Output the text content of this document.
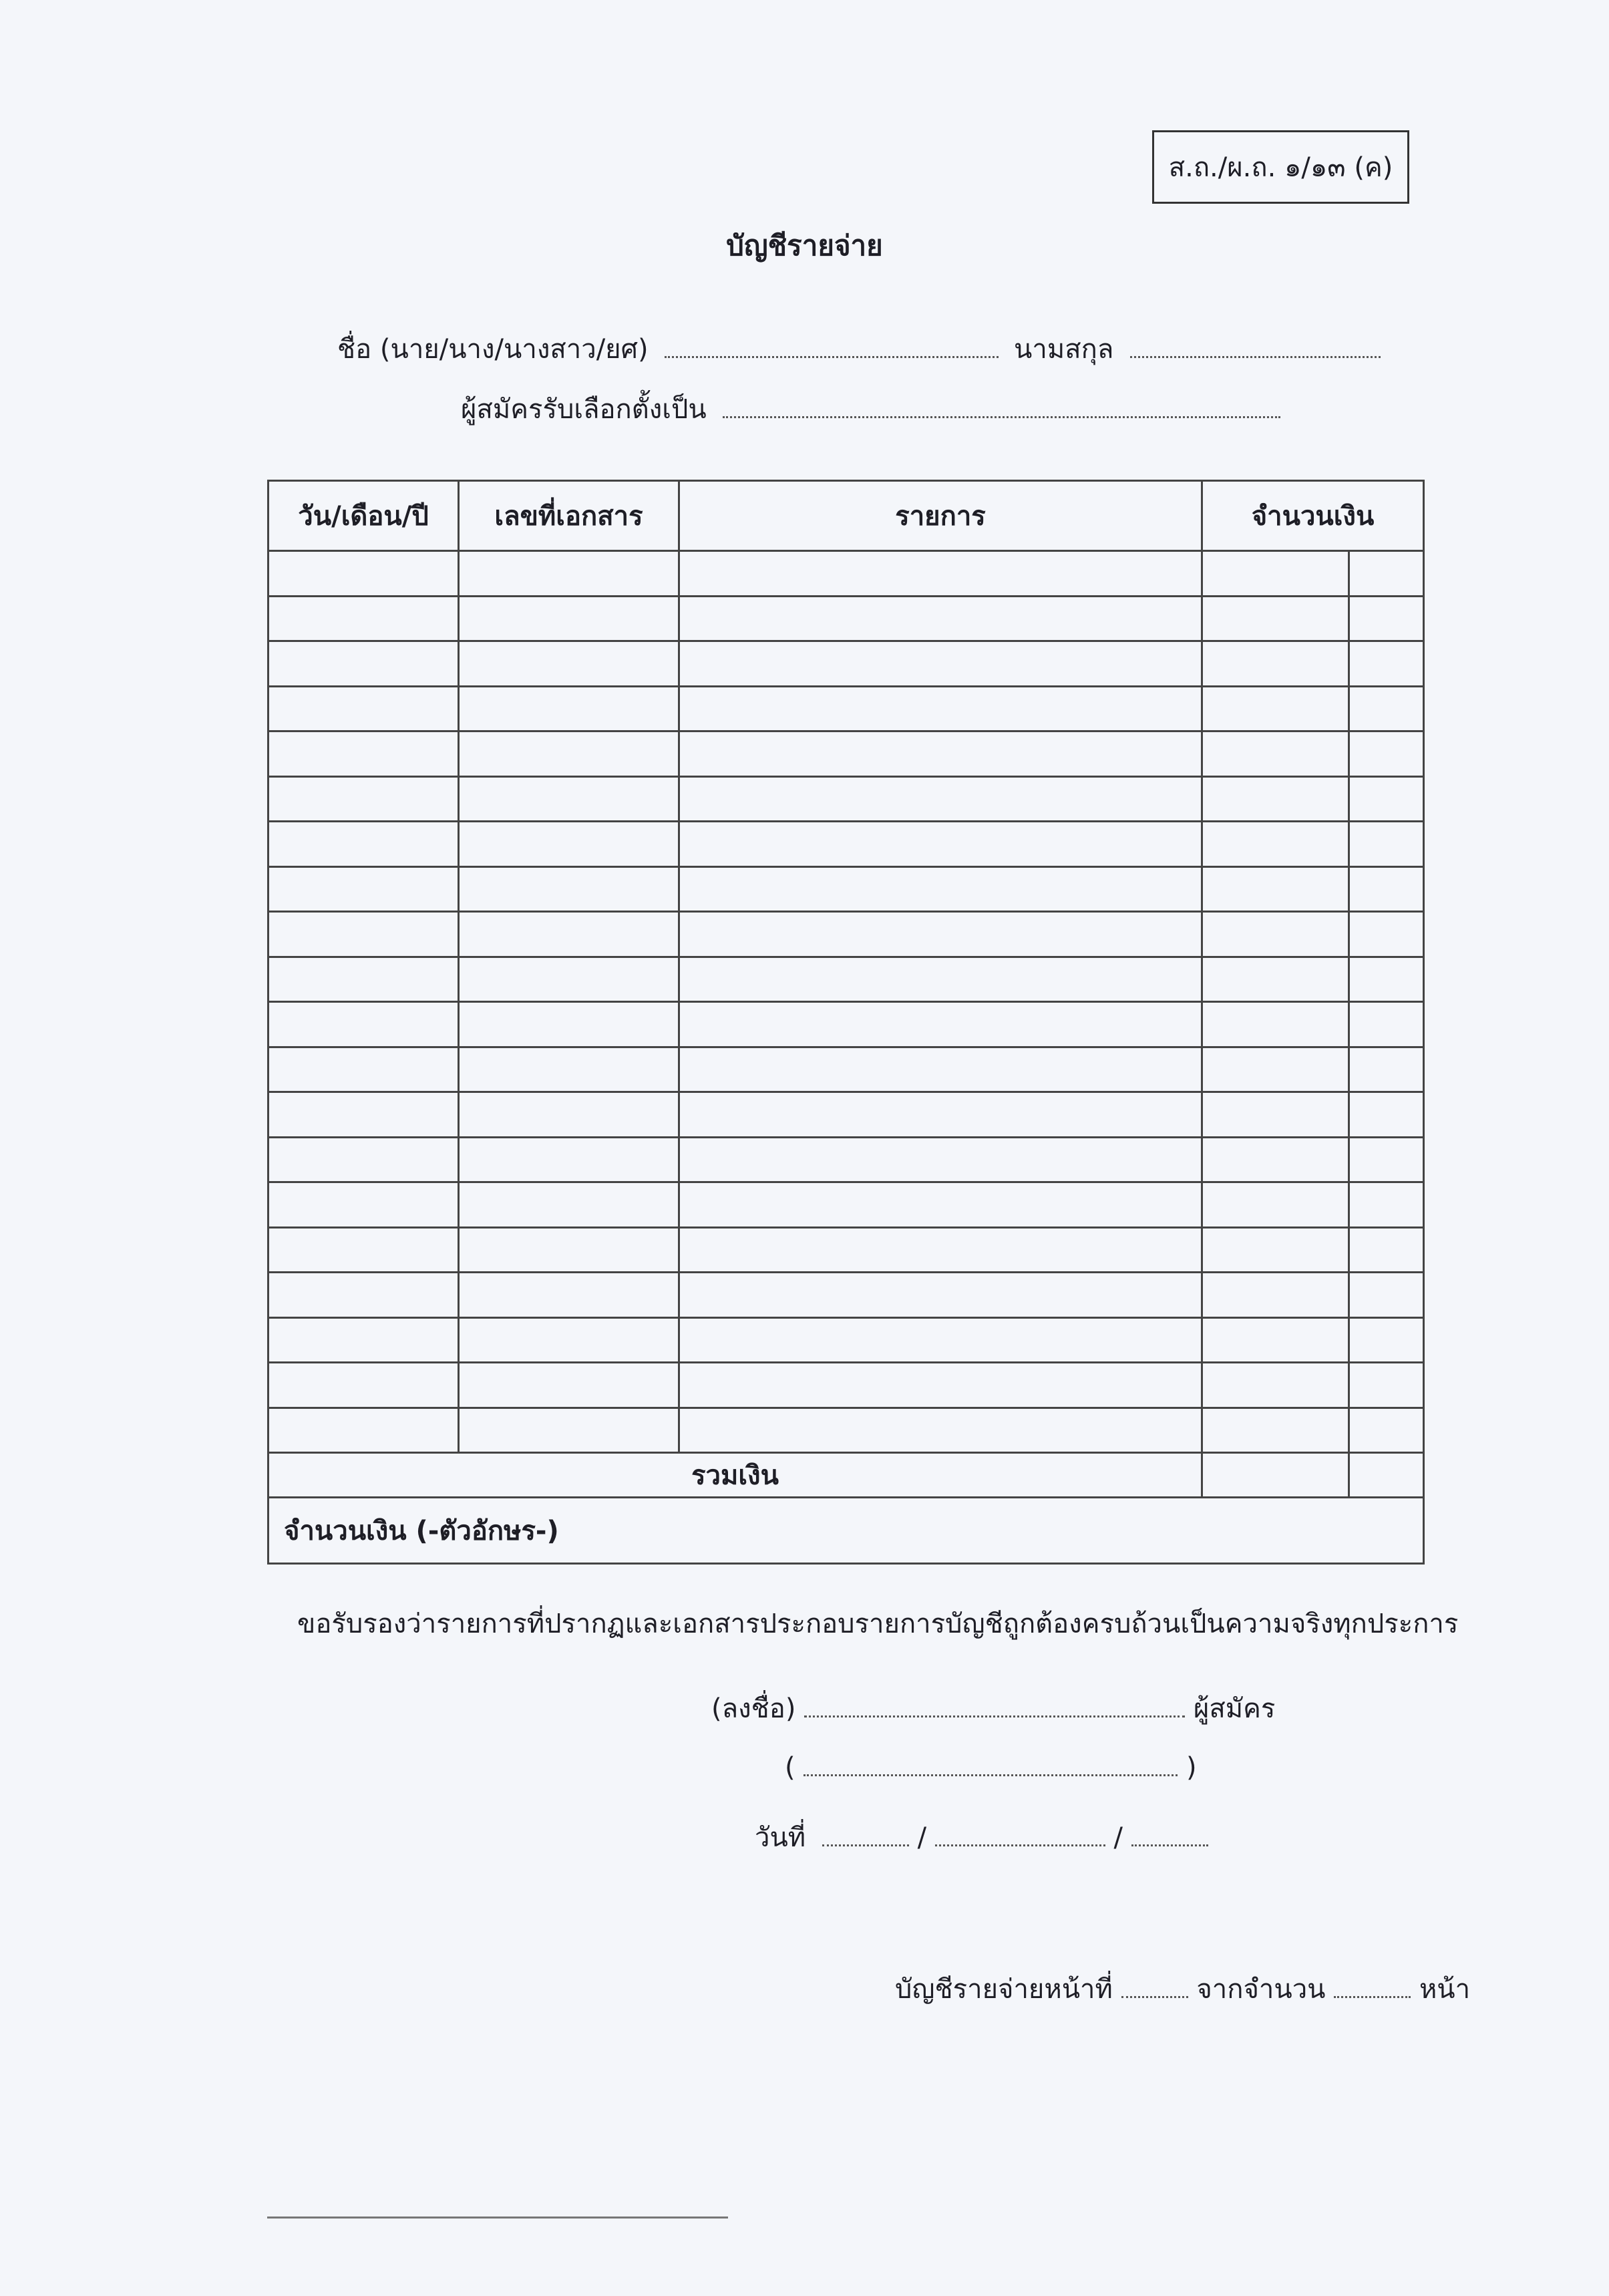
ส.ถ./ผ.ถ. ๑/๑๓ (ค)
บัญชีรายจ่าย
ชื่อ (นาย/นาง/นางสาว/ยศ)	นามสกุล
ผู้สมัครรับเลือกตั้งเป็น
วัน/เดือน/ปี	เลขที่เอกสาร	รายการ	จำนวนเงิน	

รวมเงิน				
จำนวนเงิน (-ตัวอักษร-)				
ขอรับรองว่ารายการที่ปรากฏและเอกสารประกอบรายการบัญชีถูกต้องครบถ้วนเป็นความจริงทุกประการ
(ลงชื่อ)	ผู้สมัคร
(	)
วันที่	/	/
บัญชีรายจ่ายหน้าที่	จากจำนวน	หน้า
